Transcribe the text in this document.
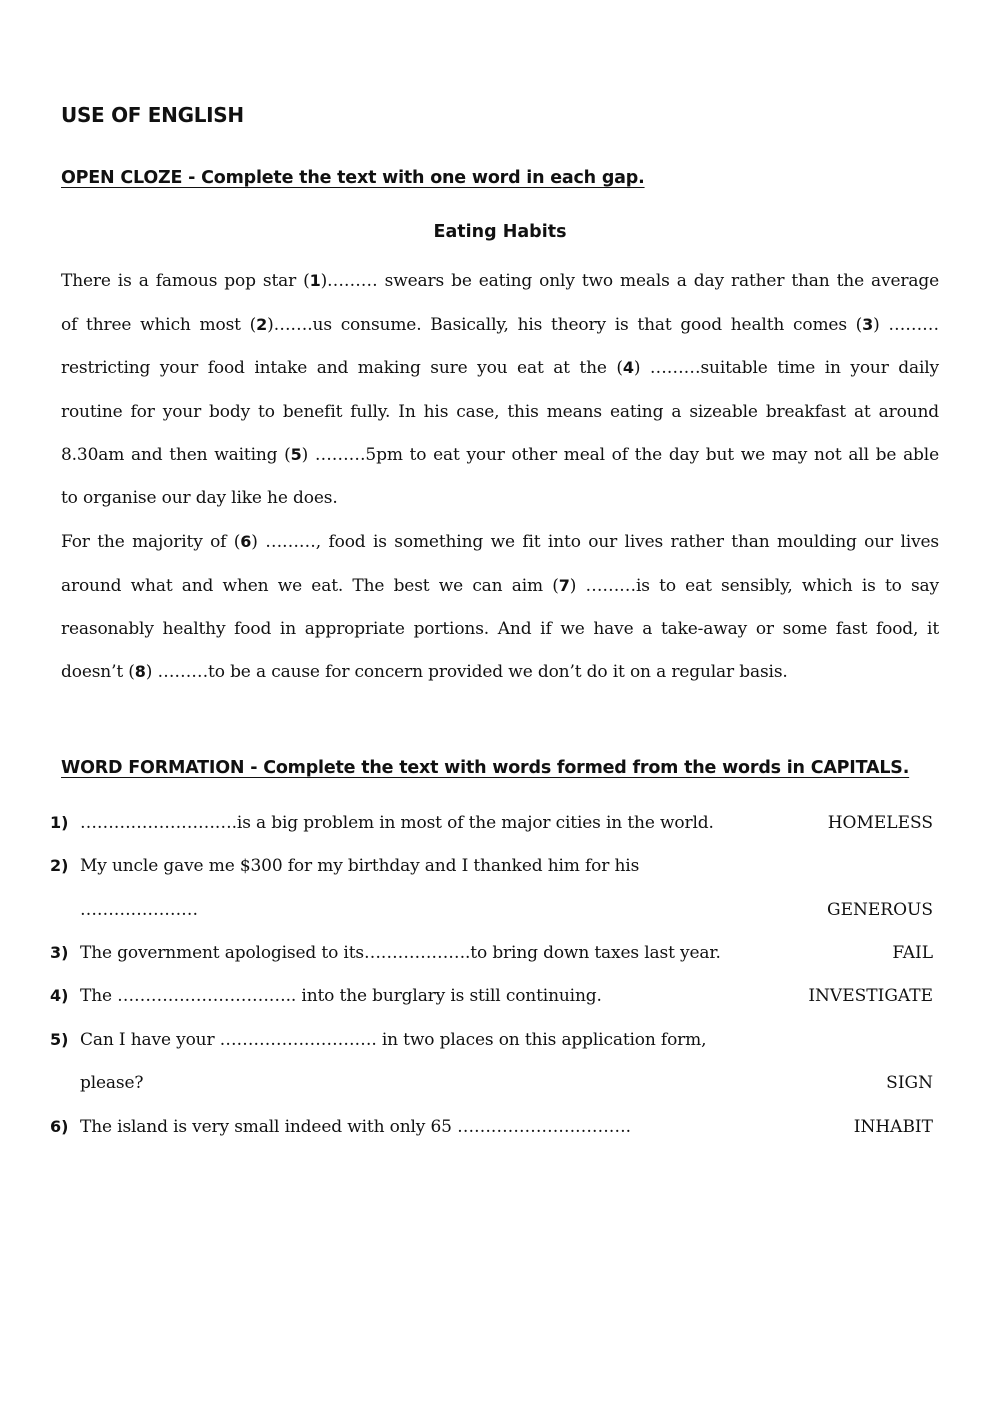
USE OF ENGLISH
OPEN CLOZE - Complete the text with one word in each gap.
Eating Habits
There is a famous pop star (1)……… swears be eating only two meals a day rather than the average
of three which most (2)…….us consume. Basically, his theory is that good health comes (3) ………
restricting your food intake and making sure you eat at the (4) ………suitable time in your daily
routine for your body to benefit fully. In his case, this means eating a sizeable breakfast at around
8.30am and then waiting (5) ………5pm to eat your other meal of the day but we may not all be able
to organise our day like he does.
For the majority of (6) ………, food is something we fit into our lives rather than moulding our lives
around what and when we eat. The best we can aim (7) ………is to eat sensibly, which is to say
reasonably healthy food in appropriate portions. And if we have a take-away or some fast food, it
doesn’t (8) ………to be a cause for concern provided we don’t do it on a regular basis.
WORD FORMATION - Complete the text with words formed from the words in CAPITALS.
1) ……………………….is a big problem in most of the major cities in the world.	HOMELESS
2) My uncle gave me $300 for my birthday and I thanked him for his
…………………	GENEROUS
3) The government apologised to its……………….to bring down taxes last year.	FAIL
4) The ………………………….. into the burglary is still continuing.	INVESTIGATE
5) Can I have your ………………………. in two places on this application form,
please?	SIGN
6) The island is very small indeed with only 65 ………………………….	INHABIT
